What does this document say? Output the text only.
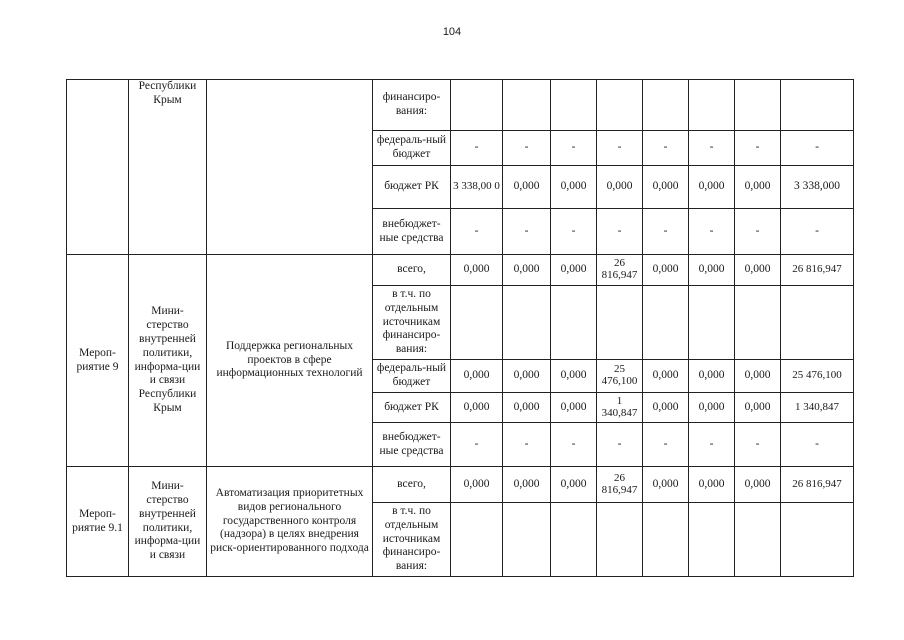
104
	Республики Крым		финансиро-вания:								
			федераль-ный бюджет	-	-	-	-	-	-	-	-
			бюджет РК	3 338,00 0	0,000	0,000	0,000	0,000	0,000	0,000	3 338,000
			внебюджет-ные средства	-	-	-	-	-	-	-	-
Мероп-риятие 9	Мини-стерство внутренней политики, информа-ции и связи Республики Крым	Поддержка региональных проектов в сфере информационных технологий	всего,	0,000	0,000	0,000	26 816,947	0,000	0,000	0,000	26 816,947
			в т.ч. по отдельным источникам финансиро-вания:								
			федераль-ный бюджет	0,000	0,000	0,000	25 476,100	0,000	0,000	0,000	25 476,100
			бюджет РК	0,000	0,000	0,000	1 340,847	0,000	0,000	0,000	1 340,847
			внебюджет-ные средства	-	-	-	-	-	-	-	-
Мероп-риятие 9.1	Мини-стерство внутренней политики, информа-ции и связи	Автоматизация приоритетных видов регионального государственного контроля (надзора) в целях внедрения риск-ориентированного подхода	всего,	0,000	0,000	0,000	26 816,947	0,000	0,000	0,000	26 816,947
			в т.ч. по отдельным источникам финансиро-вания:								
